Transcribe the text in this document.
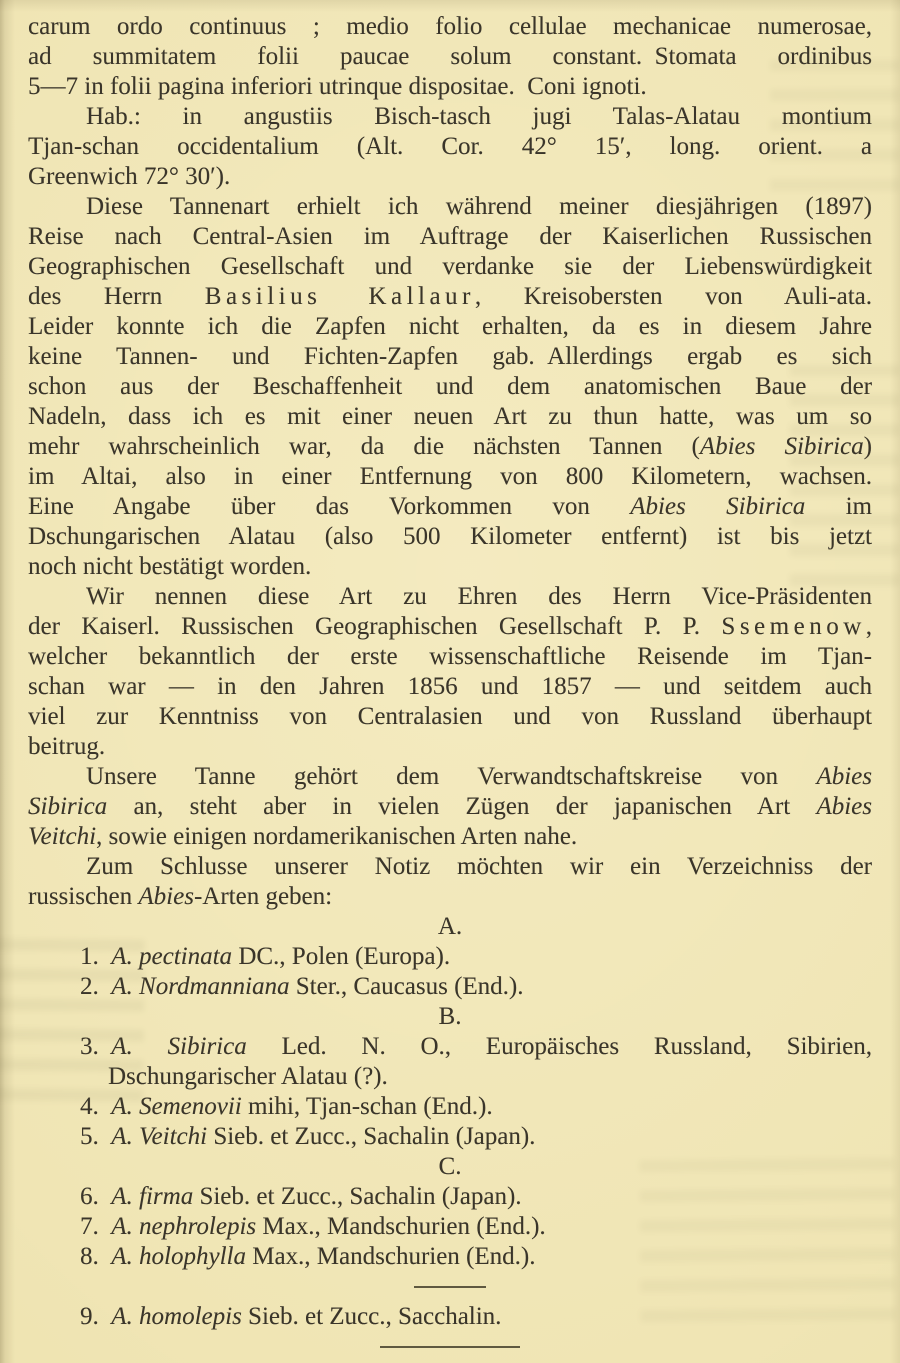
carum ordo continuus ; medio folio cellulae mechanicae numerosae,
ad summitatem folii paucae solum constant. Stomata ordinibus
5—7 in folii pagina inferiori utrinque dispositae. Coni ignoti.
Hab.: in angustiis Bisch-tasch jugi Talas-Alatau montium
Tjan-schan occidentalium (Alt. Cor. 42° 15′, long. orient. a
Greenwich 72° 30′).
Diese Tannenart erhielt ich während meiner diesjährigen (1897)
Reise nach Central-Asien im Auftrage der Kaiserlichen Russischen
Geographischen Gesellschaft und verdanke sie der Liebenswürdigkeit
des Herrn Basilius Kallaur, Kreisobersten von Auli-ata.
Leider konnte ich die Zapfen nicht erhalten, da es in diesem Jahre
keine Tannen- und Fichten-Zapfen gab. Allerdings ergab es sich
schon aus der Beschaffenheit und dem anatomischen Baue der
Nadeln, dass ich es mit einer neuen Art zu thun hatte, was um so
mehr wahrscheinlich war, da die nächsten Tannen (Abies Sibirica)
im Altai, also in einer Entfernung von 800 Kilometern, wachsen.
Eine Angabe über das Vorkommen von Abies Sibirica im
Dschungarischen Alatau (also 500 Kilometer entfernt) ist bis jetzt
noch nicht bestätigt worden.
Wir nennen diese Art zu Ehren des Herrn Vice-Präsidenten
der Kaiserl. Russischen Geographischen Gesellschaft P. P. Ssemenow,
welcher bekanntlich der erste wissenschaftliche Reisende im Tjan-
schan war — in den Jahren 1856 und 1857 — und seitdem auch
viel zur Kenntniss von Centralasien und von Russland überhaupt
beitrug.
Unsere Tanne gehört dem Verwandtschaftskreise von Abies
Sibirica an, steht aber in vielen Zügen der japanischen Art Abies
Veitchi, sowie einigen nordamerikanischen Arten nahe.
Zum Schlusse unserer Notiz möchten wir ein Verzeichniss der
russischen Abies-Arten geben:
A.
1. A. pectinata DC., Polen (Europa).
2. A. Nordmanniana Ster., Caucasus (End.).
B.
3. A. Sibirica Led. N. O., Europäisches Russland, Sibirien,
Dschungarischer Alatau (?).
4. A. Semenovii mihi, Tjan-schan (End.).
5. A. Veitchi Sieb. et Zucc., Sachalin (Japan).
C.
6. A. firma Sieb. et Zucc., Sachalin (Japan).
7. A. nephrolepis Max., Mandschurien (End.).
8. A. holophylla Max., Mandschurien (End.).
9. A. homolepis Sieb. et Zucc., Sacchalin.
